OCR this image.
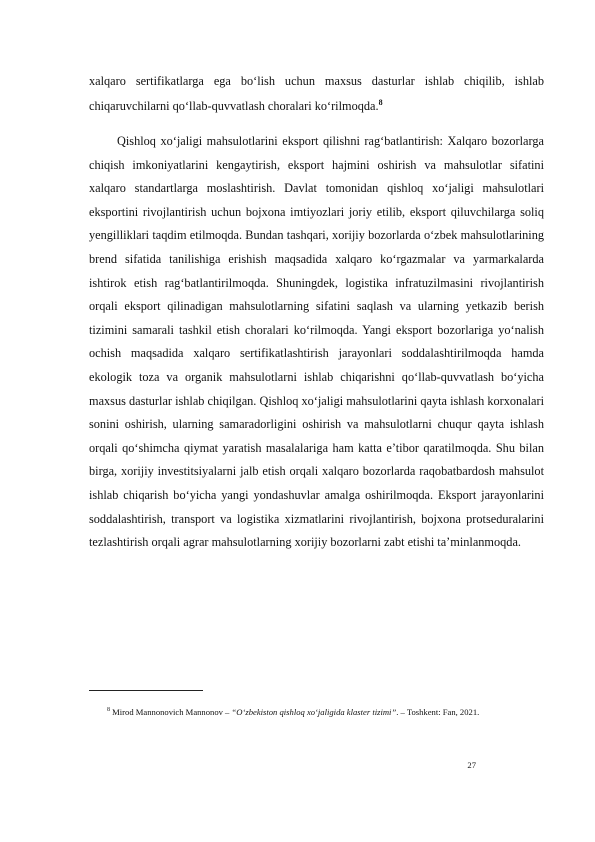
xalqaro sertifikatlarga ega bo‘lish uchun maxsus dasturlar ishlab chiqilib, ishlab chiqaruvchilarni qo‘llab-quvvatlash choralari ko‘rilmoqda.$^8$

Qishloq xo‘jaligi mahsulotlarini eksport qilishni rag‘batlantirish: Xalqaro bozorlarga chiqish imkoniyatlarini kengaytirish, eksport hajmini oshirish va mahsulotlar sifatini xalqaro standartlarga moslashtirish. Davlat tomonidan qishloq xo‘jaligi mahsulotlari eksportini rivojlantirish uchun bojxona imtiyozlari joriy etilib, eksport qiluvchilarga soliq yengilliklari taqdim etilmoqda. Bundan tashqari, xorijiy bozorlarda o‘zbek mahsulotlarining brend sifatida tanilishiga erishish maqsadida xalqaro ko‘rgazmalar va yarmarkalarda ishtirok etish rag‘batlantirilmoqda. Shuningdek, logistika infratuzilmasini rivojlantirish orqali eksport qilinadigan mahsulotlarning sifatini saqlash va ularning yetkazib berish tizimini samarali tashkil etish choralari ko‘rilmoqda. Yangi eksport bozorlariga yo‘nalish ochish maqsadida xalqaro sertifikatlashtirish jarayonlari soddalashtirilmoqda hamda ekologik toza va organik mahsulotlarni ishlab chiqarishni qo‘llab-quvvatlash bo‘yicha maxsus dasturlar ishlab chiqilgan. Qishloq xo‘jaligi mahsulotlarini qayta ishlash korxonalari sonini oshirish, ularning samaradorligini oshirish va mahsulotlarni chuqur qayta ishlash orqali qo‘shimcha qiymat yaratish masalalariga ham katta e’tibor qaratilmoqda. Shu bilan birga, xorijiy investitsiyalarni jalb etish orqali xalqaro bozorlarda raqobatbardosh mahsulot ishlab chiqarish bo‘yicha yangi yondashuvlar amalga oshirilmoqda. Eksport jarayonlarini soddalashtirish, transport va logistika xizmatlarini rivojlantirish, bojxona protseduralarini tezlashtirish orqali agrar mahsulotlarning xorijiy bozorlarni zabt etishi ta’minlanmoqda.

$^8$ Mirod Mannonovich Mannonov – “O‘zbekiston qishloq xo‘jaligida klaster tizimi”. – Toshkent: Fan, 2021.

27
